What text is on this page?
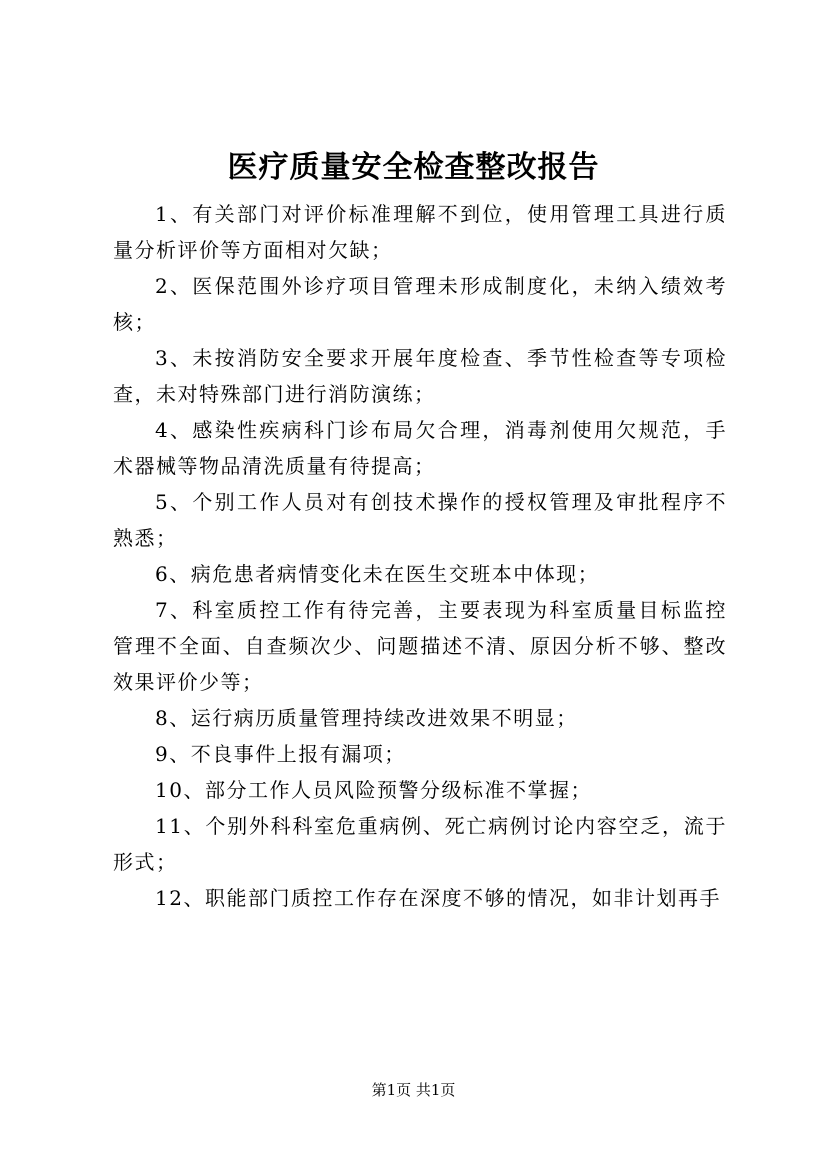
医疗质量安全检查整改报告

1、有关部门对评价标准理解不到位，使用管理工具进行质量分析评价等方面相对欠缺；

2、医保范围外诊疗项目管理未形成制度化，未纳入绩效考核；

3、未按消防安全要求开展年度检查、季节性检查等专项检查，未对特殊部门进行消防演练；

4、感染性疾病科门诊布局欠合理，消毒剂使用欠规范，手术器械等物品清洗质量有待提高；

5、个别工作人员对有创技术操作的授权管理及审批程序不熟悉；

6、病危患者病情变化未在医生交班本中体现；

7、科室质控工作有待完善，主要表现为科室质量目标监控管理不全面、自查频次少、问题描述不清、原因分析不够、整改效果评价少等；

8、运行病历质量管理持续改进效果不明显；

9、不良事件上报有漏项；

10、部分工作人员风险预警分级标准不掌握；

11、个别外科科室危重病例、死亡病例讨论内容空乏，流于形式；

12、职能部门质控工作存在深度不够的情况，如非计划再手

第1页 共1页
